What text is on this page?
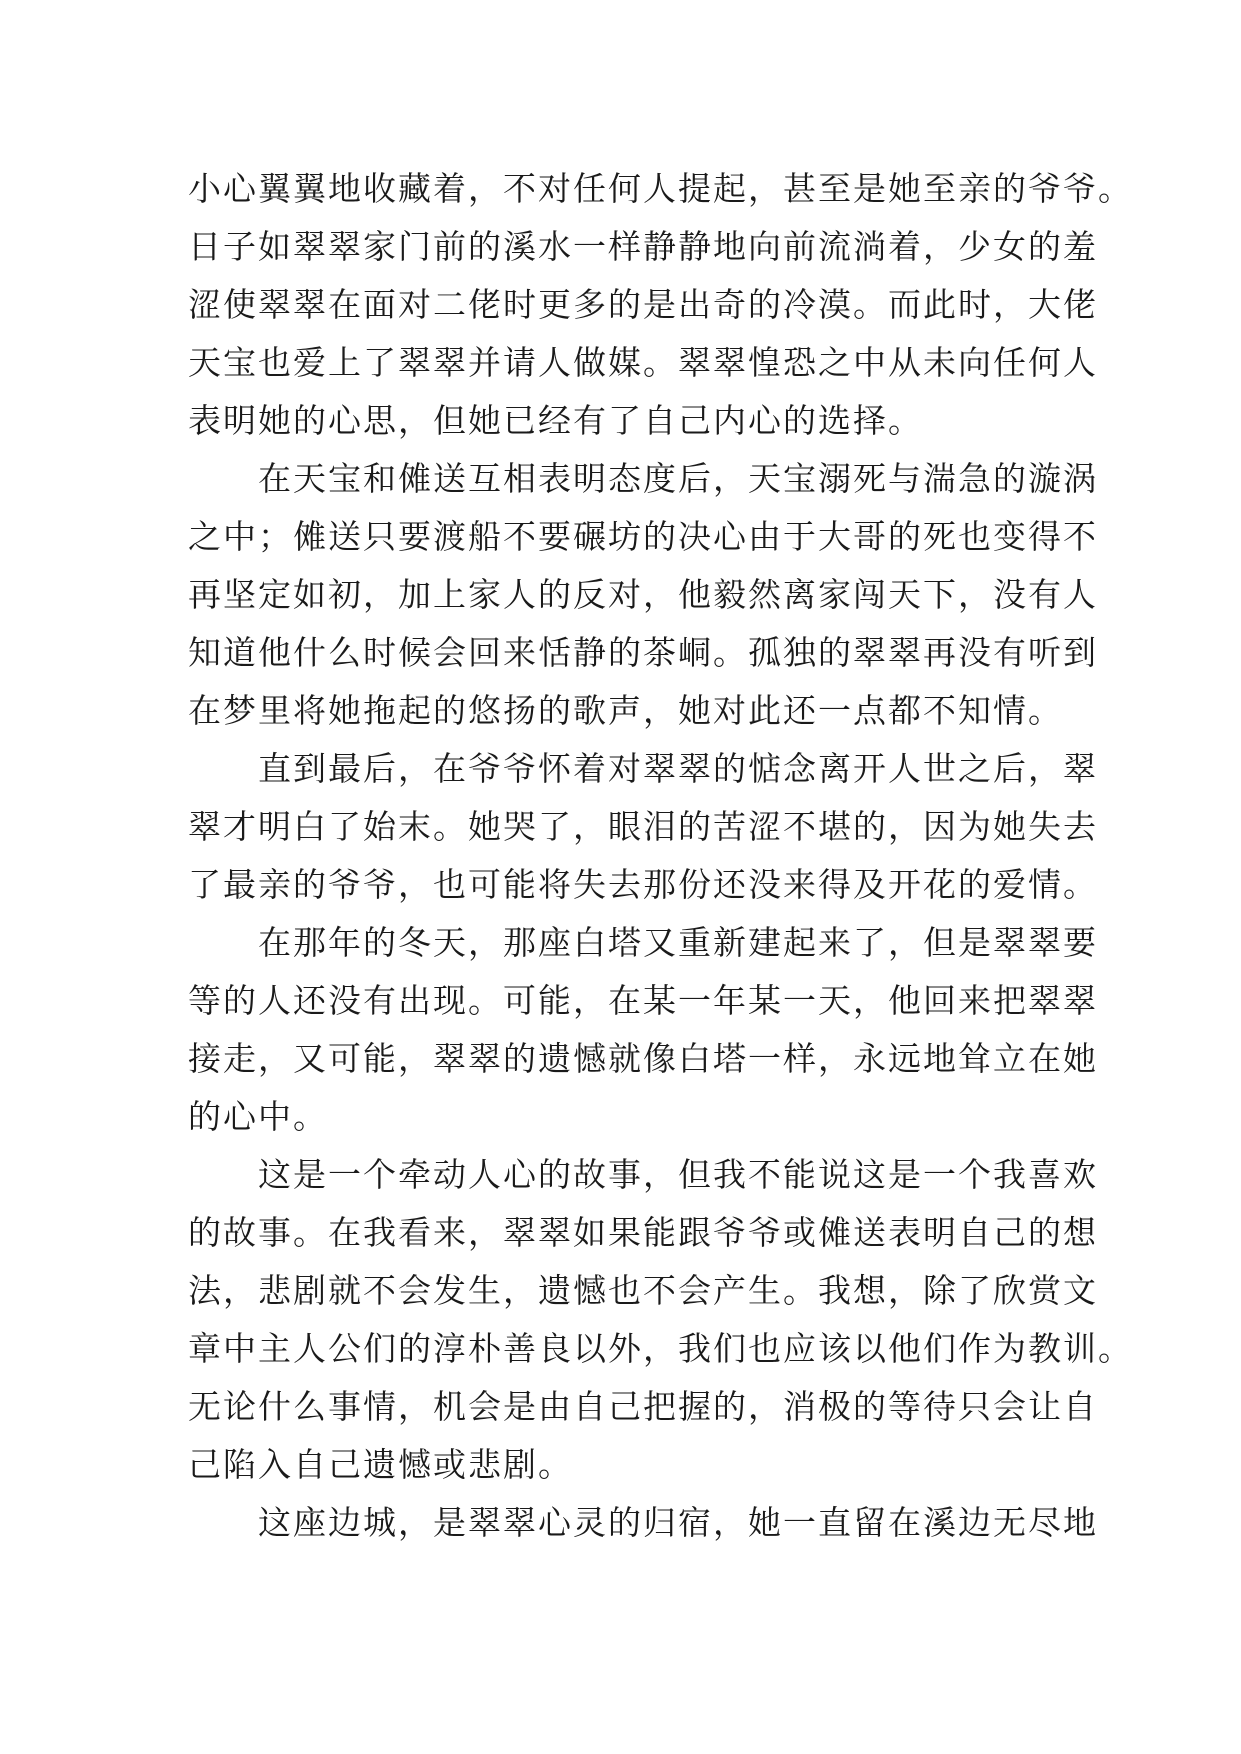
小心翼翼地收藏着，不对任何人提起，甚至是她至亲的爷爷。
日子如翠翠家门前的溪水一样静静地向前流淌着，少女的羞
涩使翠翠在面对二佬时更多的是出奇的冷漠。而此时，大佬
天宝也爱上了翠翠并请人做媒。翠翠惶恐之中从未向任何人
表明她的心思，但她已经有了自己内心的选择。
在天宝和傩送互相表明态度后，天宝溺死与湍急的漩涡
之中；傩送只要渡船不要碾坊的决心由于大哥的死也变得不
再坚定如初，加上家人的反对，他毅然离家闯天下，没有人
知道他什么时候会回来恬静的茶峒。孤独的翠翠再没有听到
在梦里将她拖起的悠扬的歌声，她对此还一点都不知情。
直到最后，在爷爷怀着对翠翠的惦念离开人世之后，翠
翠才明白了始末。她哭了，眼泪的苦涩不堪的，因为她失去
了最亲的爷爷，也可能将失去那份还没来得及开花的爱情。
在那年的冬天，那座白塔又重新建起来了，但是翠翠要
等的人还没有出现。可能，在某一年某一天，他回来把翠翠
接走，又可能，翠翠的遗憾就像白塔一样，永远地耸立在她
的心中。
这是一个牵动人心的故事，但我不能说这是一个我喜欢
的故事。在我看来，翠翠如果能跟爷爷或傩送表明自己的想
法，悲剧就不会发生，遗憾也不会产生。我想，除了欣赏文
章中主人公们的淳朴善良以外，我们也应该以他们作为教训。
无论什么事情，机会是由自己把握的，消极的等待只会让自
己陷入自己遗憾或悲剧。
这座边城，是翠翠心灵的归宿，她一直留在溪边无尽地
